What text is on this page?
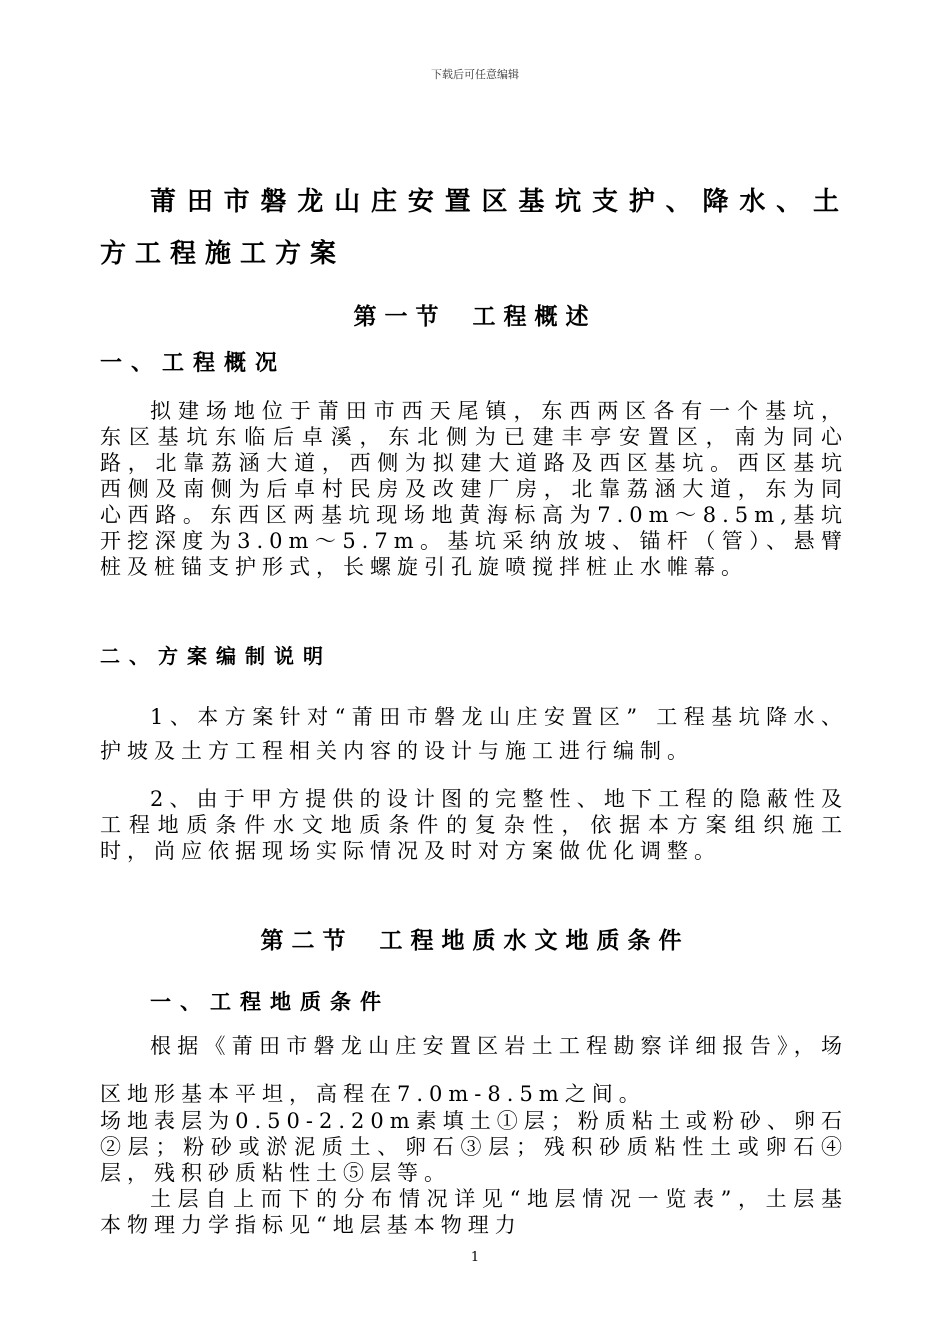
下载后可任意编辑
莆田市磐龙山庄安置区基坑支护、降水、土方工程施工方案
第一节 工程概述
一、工程概况

拟建场地位于莆田市西天尾镇，东西两区各有一个基坑，东区基坑东临后卓溪，东北侧为已建丰亭安置区，南为同心路，北靠荔涵大道，西侧为拟建大道路及西区基坑。西区基坑西侧及南侧为后卓村民房及改建厂房，北靠荔涵大道，东为同心西路。东西区两基坑现场地黄海标高为7.0m～8.5m,基坑开挖深度为3.0m～5.7m。基坑采纳放坡、锚杆（管）、悬臂桩及桩锚支护形式，长螺旋引孔旋喷搅拌桩止水帷幕。

二、方案编制说明

1、本方案针对“莆田市磐龙山庄安置区” 工程基坑降水、护坡及土方工程相关内容的设计与施工进行编制。

2、由于甲方提供的设计图的完整性、地下工程的隐蔽性及工程地质条件水文地质条件的复杂性，依据本方案组织施工时，尚应依据现场实际情况及时对方案做优化调整。

第二节 工程地质水文地质条件
一、工程地质条件

根据《莆田市磐龙山庄安置区岩土工程勘察详细报告》，场区地形基本平坦，高程在7.0m-8.5m之间。

场地表层为0.50-2.20m素填土①层；粉质粘土或粉砂、卵石②层；粉砂或淤泥质土、卵石③层；残积砂质粘性土或卵石④层，残积砂质粘性土⑤层等。

土层自上而下的分布情况详见“地层情况一览表”，土层基本物理力学指标见“地层基本物理力

1
